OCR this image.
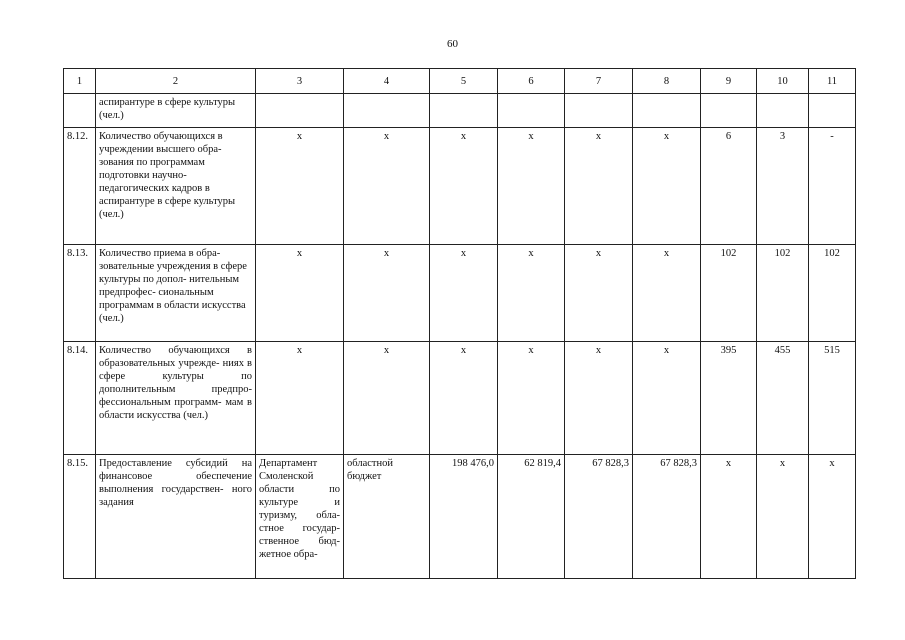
60
1	2	3	4	5	6	7	8	9	10	11
	аспирантуре в сфере культуры (чел.)									
8.12.	Количество обучающихся в учреждении высшего обра- зования по программам подготовки научно- педагогических кадров в аспирантуре в сфере культуры (чел.)	х	х	х	х	х	х	6	3	-
8.13.	Количество приема в обра- зовательные учреждения в сфере культуры по допол- нительным предпрофес- сиональным программам в области искусства (чел.)	х	х	х	х	х	х	102	102	102
8.14.	Количество обучающихся в образовательных учрежде- ниях в сфере культуры по дополнительным предпро- фессиональным программ- мам в области искусства (чел.)	х	х	х	х	х	х	395	455	515
8.15.	Предоставление субсидий на финансовое обеспечение выполнения государствен- ного задания	Департамент Смоленской области по культуре и туризму, обла- стное государ- ственное бюд- жетное обра-	областной бюджет	198 476,0	62 819,4	67 828,3	67 828,3	х	х	х
